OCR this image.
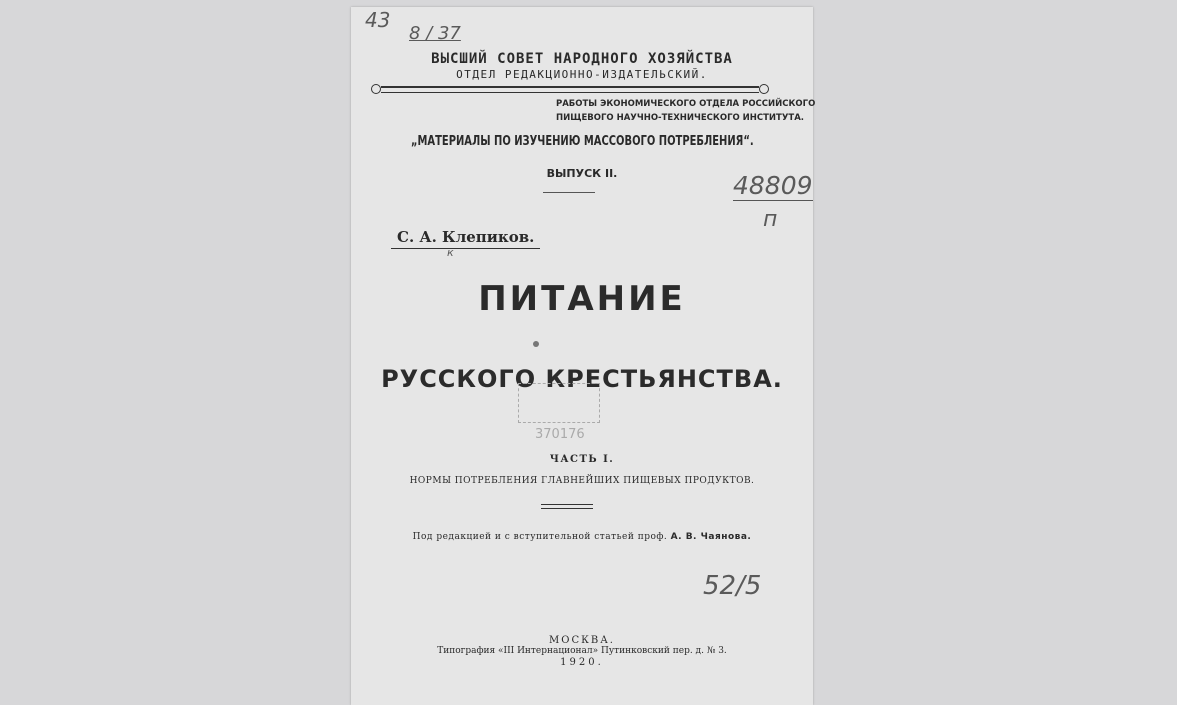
43
8 / 37
ВЫСШИЙ СОВЕТ НАРОДНОГО ХОЗЯЙСТВА
ОТДЕЛ РЕДАКЦИОННО-ИЗДАТЕЛЬСКИЙ.
РАБОТЫ ЭКОНОМИЧЕСКОГО ОТДЕЛА РОССИЙСКОГО
ПИЩЕВОГО НАУЧНО-ТЕХНИЧЕСКОГО ИНСТИТУТА.
„МАТЕРИАЛЫ ПО ИЗУЧЕНИЮ МАССОВОГО ПОТРЕБЛЕНИЯ“.
ВЫПУСК II.	48809
п
С. А. Клепиков.
к
ПИТАНИЕ
РУССКОГО КРЕСТЬЯНСТВА.
370176
ЧАСТЬ I.
НОРМЫ ПОТРЕБЛЕНИЯ ГЛАВНЕЙШИХ ПИЩЕВЫХ ПРОДУКТОВ.
Под редакцией и с вступительной статьей проф. А. В. Чаянова.
52/5
МОСКВА.
Типография «III Интернационал» Путинковский пер. д. № 3.
1920.
